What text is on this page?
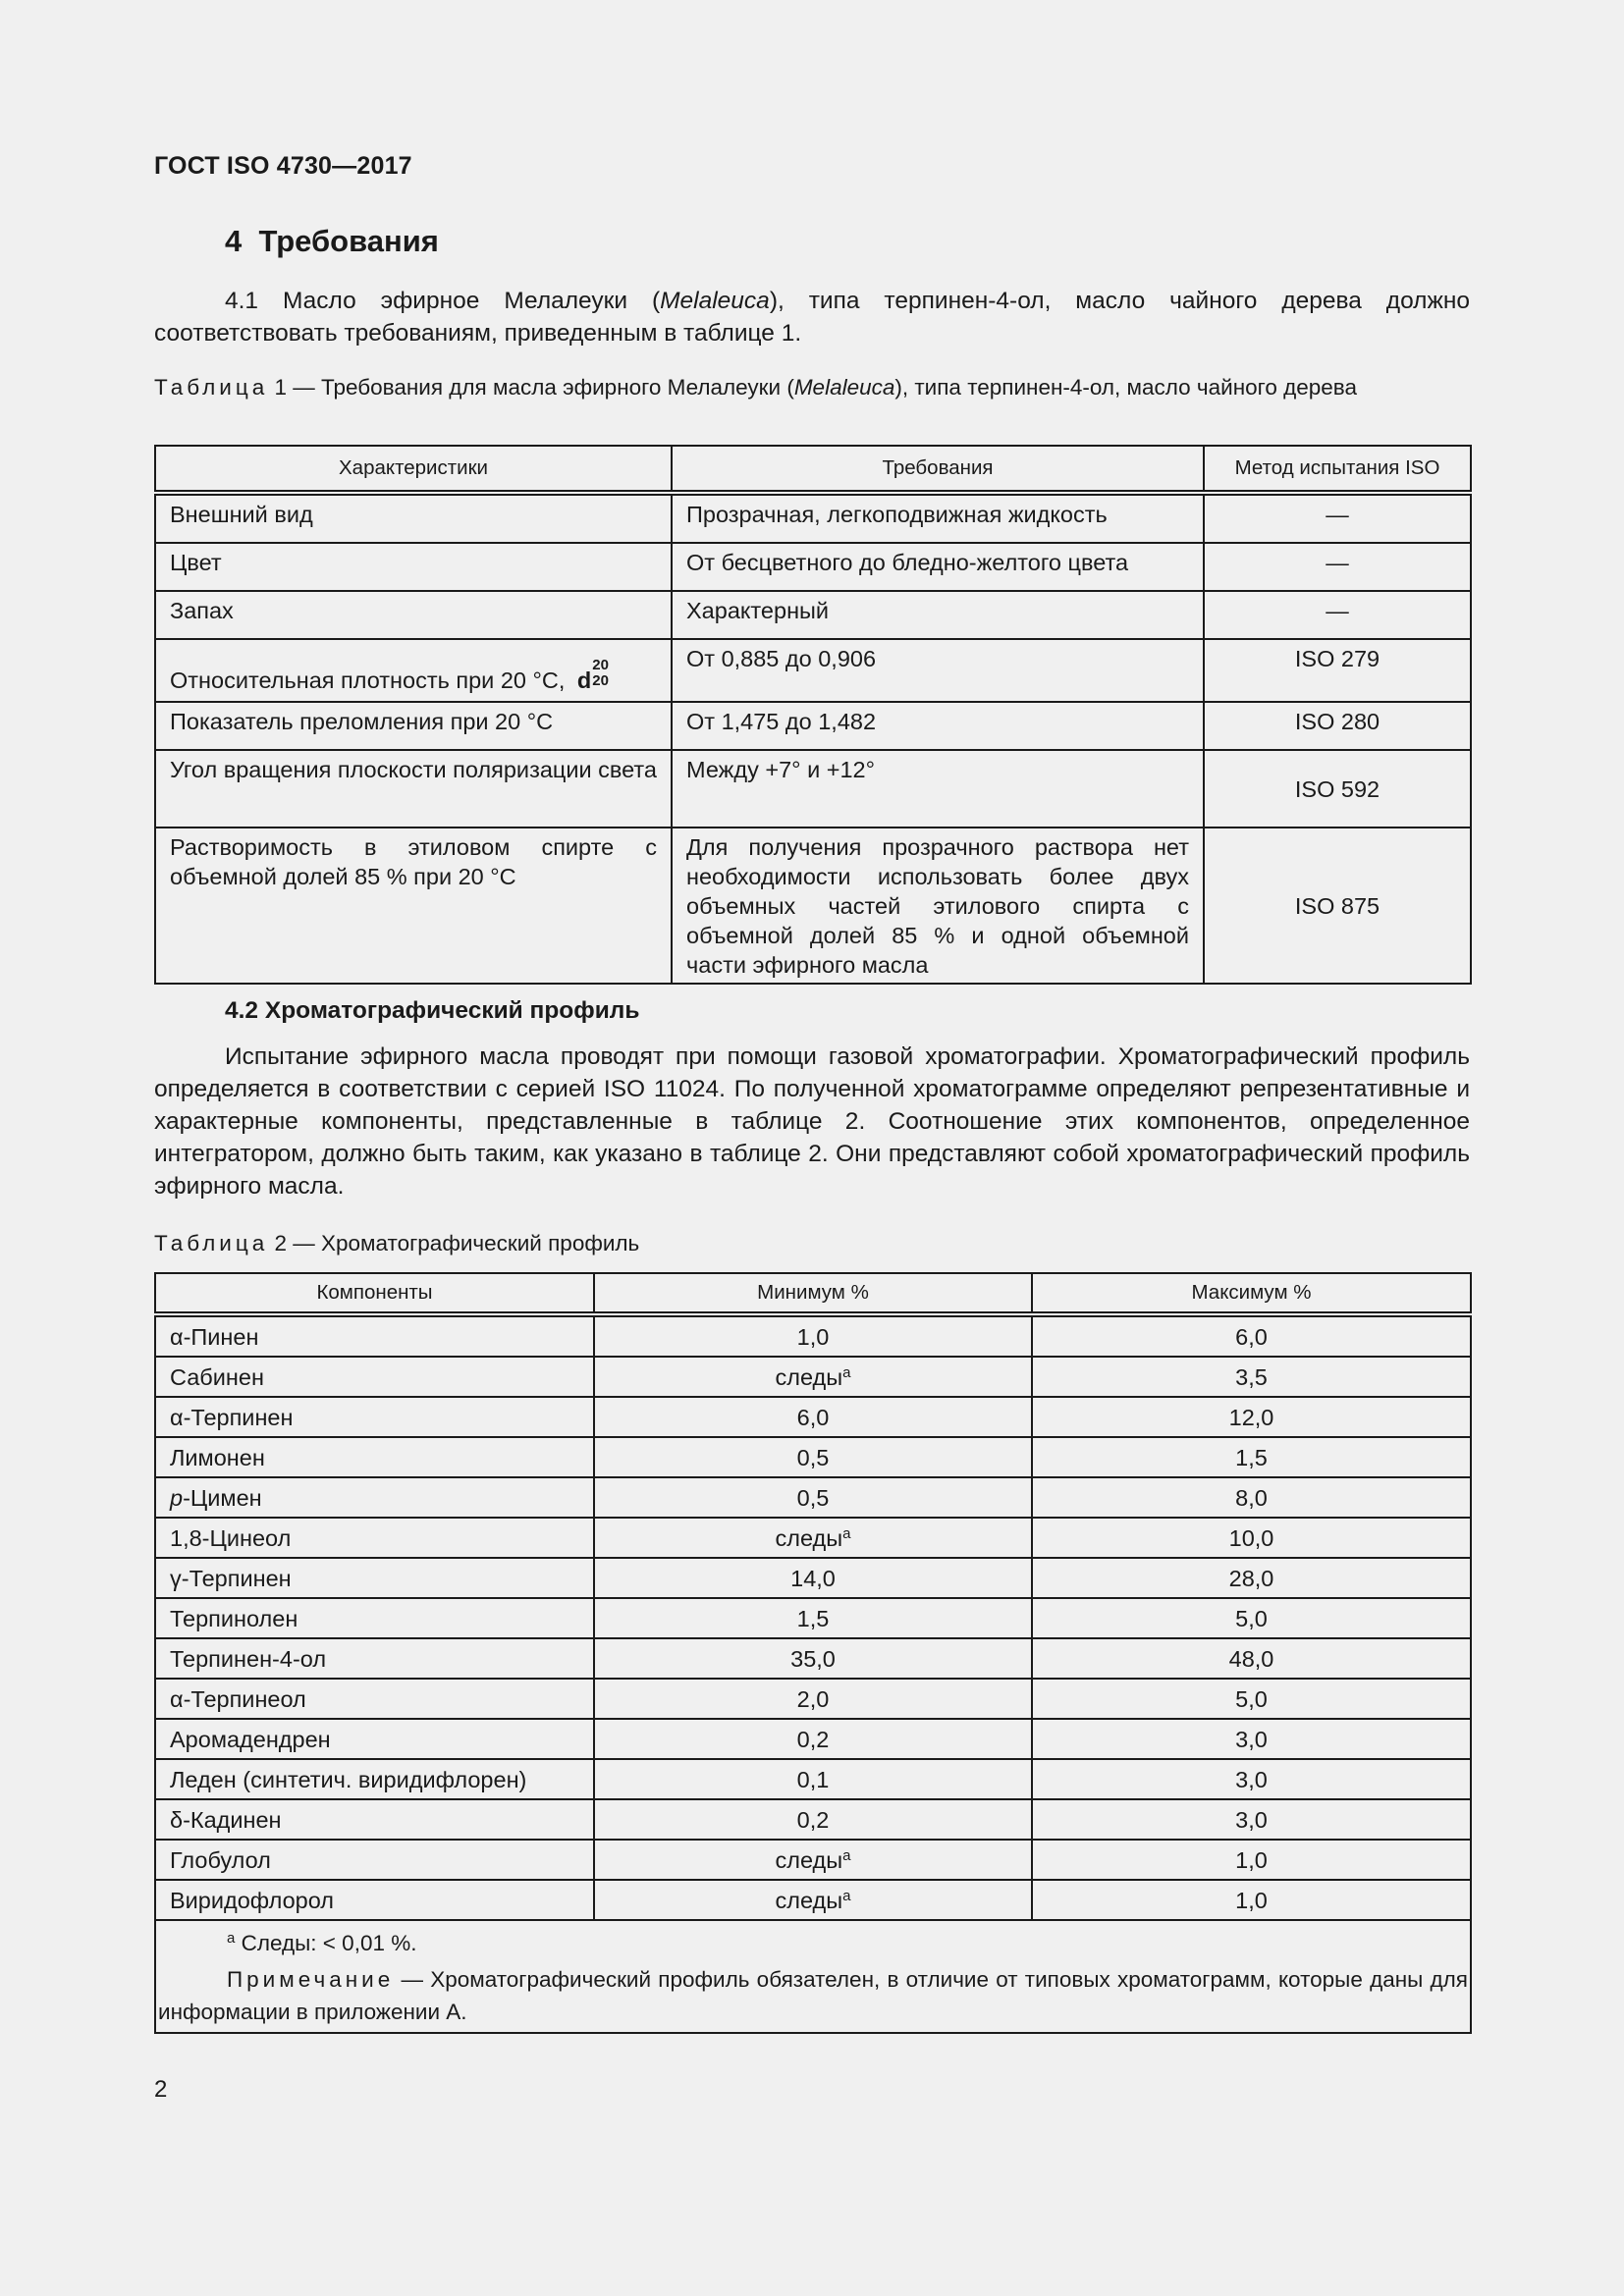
ГОСТ ISO 4730—2017
4 Требования

4.1 Масло эфирное Мелалеуки (Melaleuca), типа терпинен-4-ол, масло чайного дерева должно соответствовать требованиям, приведенным в таблице 1.

Таблица 1 — Требования для масла эфирного Мелалеуки (Melaleuca), типа терпинен-4-ол, масло чайного дерева

Характеристики	Требования	Метод испытания ISO
Внешний вид	Прозрачная, легкоподвижная жидкость	—
Цвет	От бесцветного до бледно-желтого цвета	—
Запах	Характерный	—
Относительная плотность при 20 °C, d
20
20	От 0,885 до 0,906	ISO 279
Показатель преломления при 20 °C	От 1,475 до 1,482	ISO 280
Угол вращения плоскости поляризации света	Между +7° и +12°	ISO 592
Растворимость в этиловом спирте с объемной долей 85 % при 20 °C	Для получения прозрачного раствора нет необходимости использовать более двух объемных частей этилового спирта с объемной долей 85 % и одной объемной части эфирного масла	ISO 875
4.2 Хроматографический профиль

Испытание эфирного масла проводят при помощи газовой хроматографии. Хроматографический профиль определяется в соответствии с серией ISO 11024. По полученной хроматограмме определяют репрезентативные и характерные компоненты, представленные в таблице 2. Соотношение этих компонентов, определенное интегратором, должно быть таким, как указано в таблице 2. Они представляют собой хроматографический профиль эфирного масла.

Таблица 2 — Хроматографический профиль

Компоненты	Минимум %	Максимум %
α-Пинен	1,0	6,0
Сабинен	следы$^a$	3,5
α-Терпинен	6,0	12,0
Лимонен	0,5	1,5
p-Цимен	0,5	8,0
1,8-Цинеол	следы$^a$	10,0
γ-Терпинен	14,0	28,0
Терпинолен	1,5	5,0
Терпинен-4-ол	35,0	48,0
α-Терпинеол	2,0	5,0
Аромадендрен	0,2	3,0
Леден (синтетич. виридифлорен)	0,1	3,0
δ-Кадинен	0,2	3,0
Глобулол	следы$^a$	1,0
Виридофлорол	следы$^a$	1,0

$^a$ Следы: < 0,01 %.
Примечание — Хроматографический профиль обязателен, в отличие от типовых хроматограмм, которые даны для информации в приложении А.		
2
